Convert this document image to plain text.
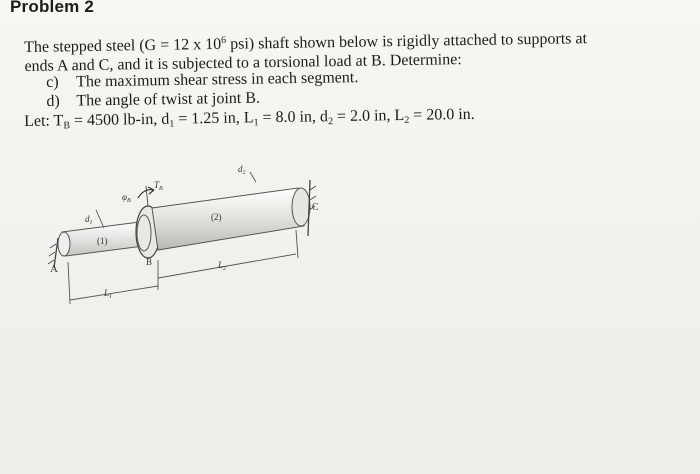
Problem 2
The stepped steel (G = 12 x $10^6$ psi) shaft shown below is rigidly attached to supports at
ends A and C, and it is subjected to a torsional load at B. Determine:
c) The maximum shear stress in each segment.
d) The angle of twist at joint B.
Let: $T_B = 4500$ lb-in, $d_1 = 1.25$ in, $L_1 = 8.0$ in, $d_2 = 2.0$ in, $L_2 = 20.0$ in.
A
B
C
$T_B$
$\varphi_B$
$d_1$
$d_2$
(1)
(2)
$L_1$
$L_2$
